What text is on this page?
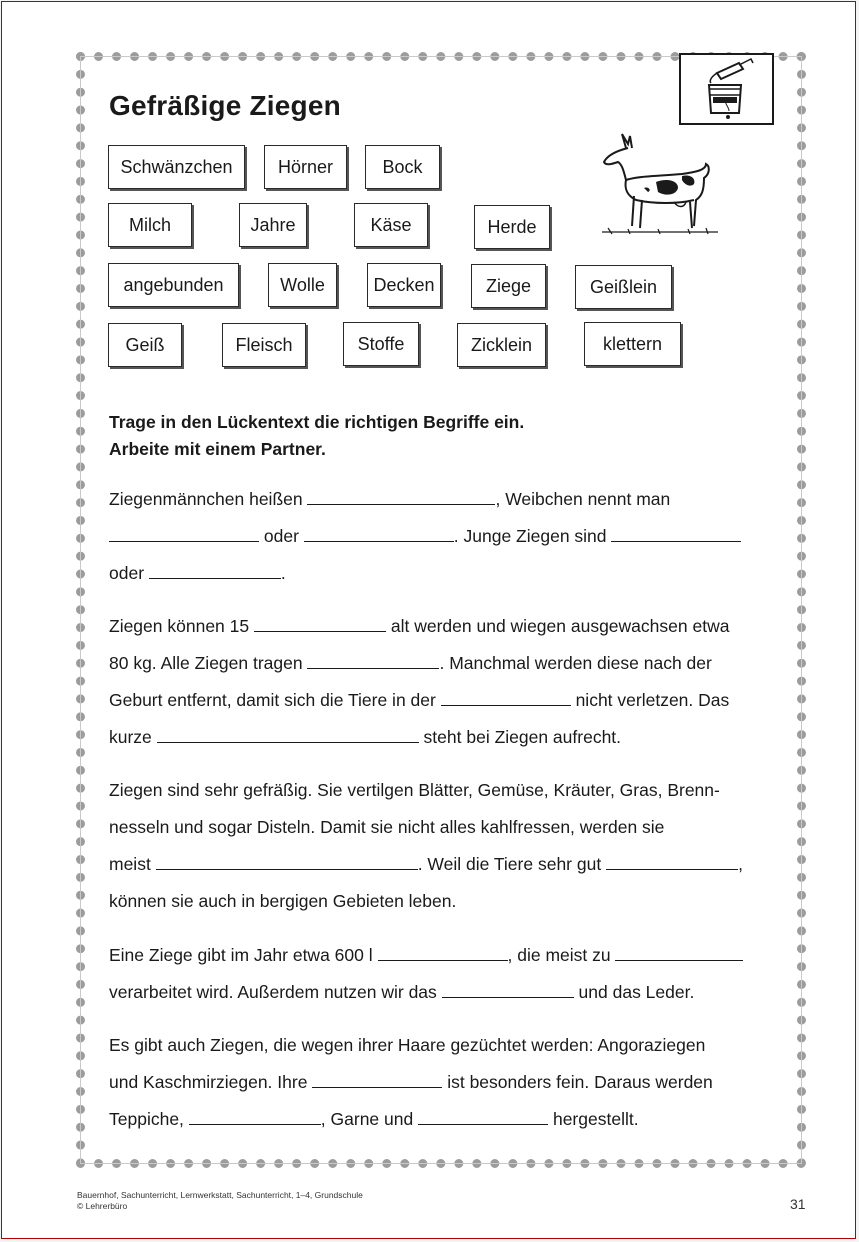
Gefräßige Ziegen
Schwänzchen	Hörner	Bock
Milch	Jahre	Käse	Herde
angebunden	Wolle	Decken	Ziege	Geißlein
Geiß	Fleisch	Stoffe	Zicklein	klettern
Trage in den Lückentext die richtigen Begriffe ein.
Arbeite mit einem Partner.
Ziegenmännchen heißen	, Weibchen nennt man
oder	. Junge Ziegen sind
oder	.
Ziegen können 15	alt werden und wiegen ausgewachsen etwa
80 kg. Alle Ziegen tragen	. Manchmal werden diese nach der
Geburt entfernt, damit sich die Tiere in der	nicht verletzen. Das
kurze	steht bei Ziegen aufrecht.
Ziegen sind sehr gefräßig. Sie vertilgen Blätter, Gemüse, Kräuter, Gras, Brenn-
nesseln und sogar Disteln. Damit sie nicht alles kahlfressen, werden sie
meist	. Weil die Tiere sehr gut	,
können sie auch in bergigen Gebieten leben.
Eine Ziege gibt im Jahr etwa 600 l	, die meist zu
verarbeitet wird. Außerdem nutzen wir das	und das Leder.
Es gibt auch Ziegen, die wegen ihrer Haare gezüchtet werden: Angoraziegen
und Kaschmirziegen. Ihre	ist besonders fein. Daraus werden
Teppiche,	, Garne und	hergestellt.
Bauernhof, Sachunterricht, Lernwerkstatt, Sachunterricht, 1–4, Grundschule
© Lehrerbüro	31
